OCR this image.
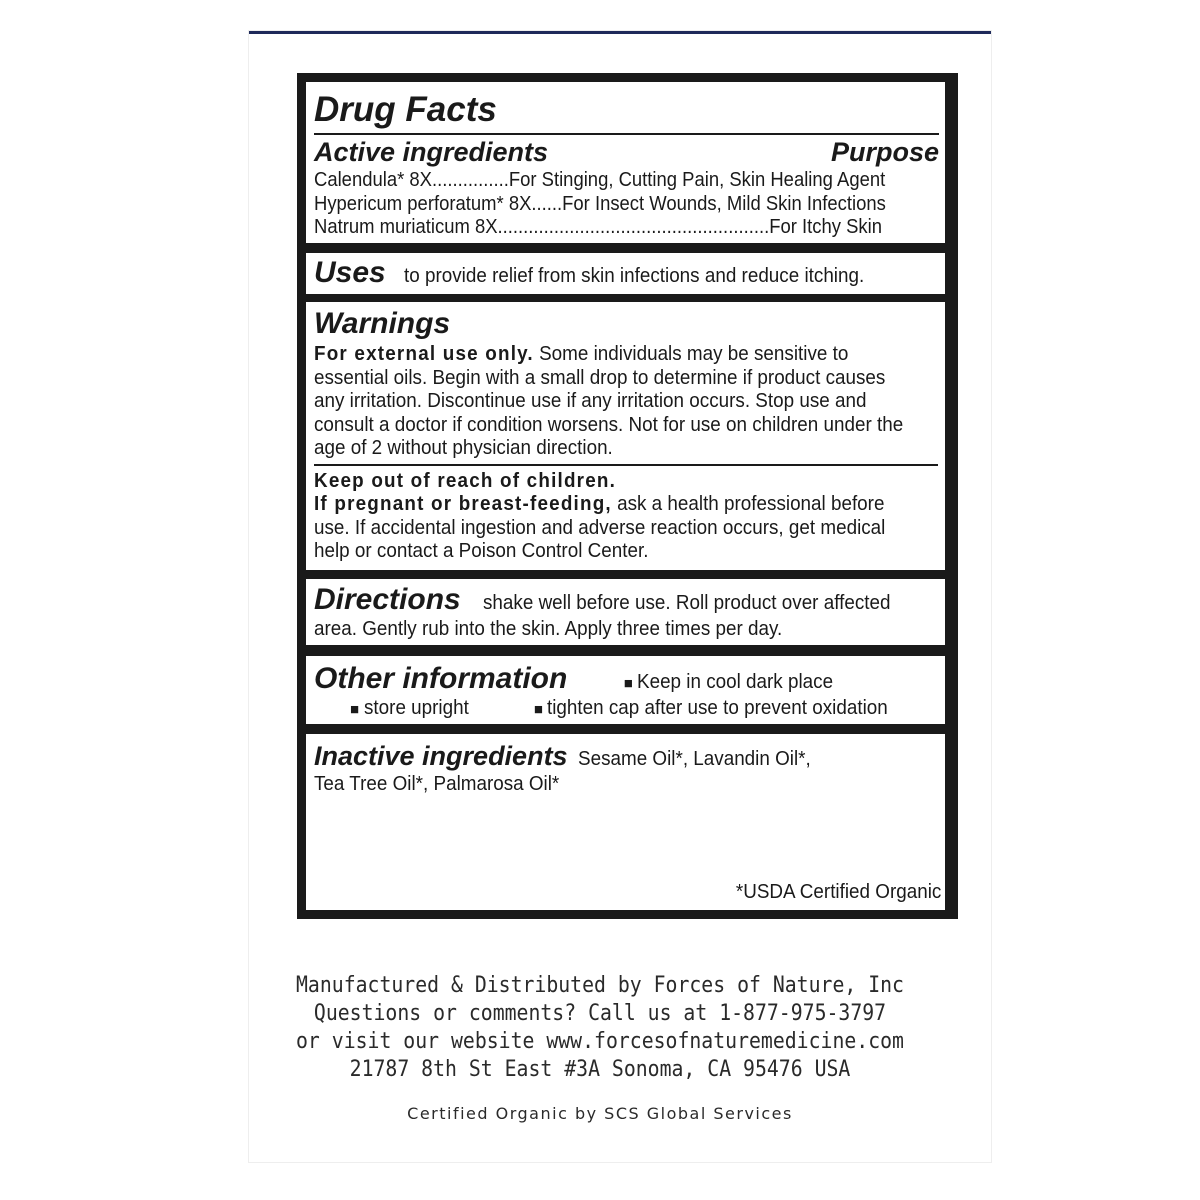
Drug Facts
Active ingredients	Purpose
Calendula* 8X...............For Stinging, Cutting Pain, Skin Healing Agent
Hypericum perforatum* 8X......For Insect Wounds, Mild Skin Infections
Natrum muriaticum 8X.....................................................For Itchy Skin
Uses to provide relief from skin infections and reduce itching.
Warnings
For external use only. Some individuals may be sensitive to
essential oils. Begin with a small drop to determine if product causes
any irritation. Discontinue use if any irritation occurs. Stop use and
consult a doctor if condition worsens. Not for use on children under the
age of 2 without physician direction.
Keep out of reach of children.
If pregnant or breast-feeding, ask a health professional before
use. If accidental ingestion and adverse reaction occurs, get medical
help or contact a Poison Control Center.
Directions shake well before use. Roll product over affected
area. Gently rub into the skin. Apply three times per day.
Other information	■ Keep in cool dark place
■ store upright	■ tighten cap after use to prevent oxidation
Inactive ingredients Sesame Oil*, Lavandin Oil*,
Tea Tree Oil*, Palmarosa Oil*
*USDA Certified Organic
Manufactured & Distributed by Forces of Nature, Inc
Questions or comments? Call us at 1-877-975-3797
or visit our website www.forcesofnaturemedicine.com
21787 8th St East #3A Sonoma, CA 95476 USA
Certified Organic by SCS Global Services
